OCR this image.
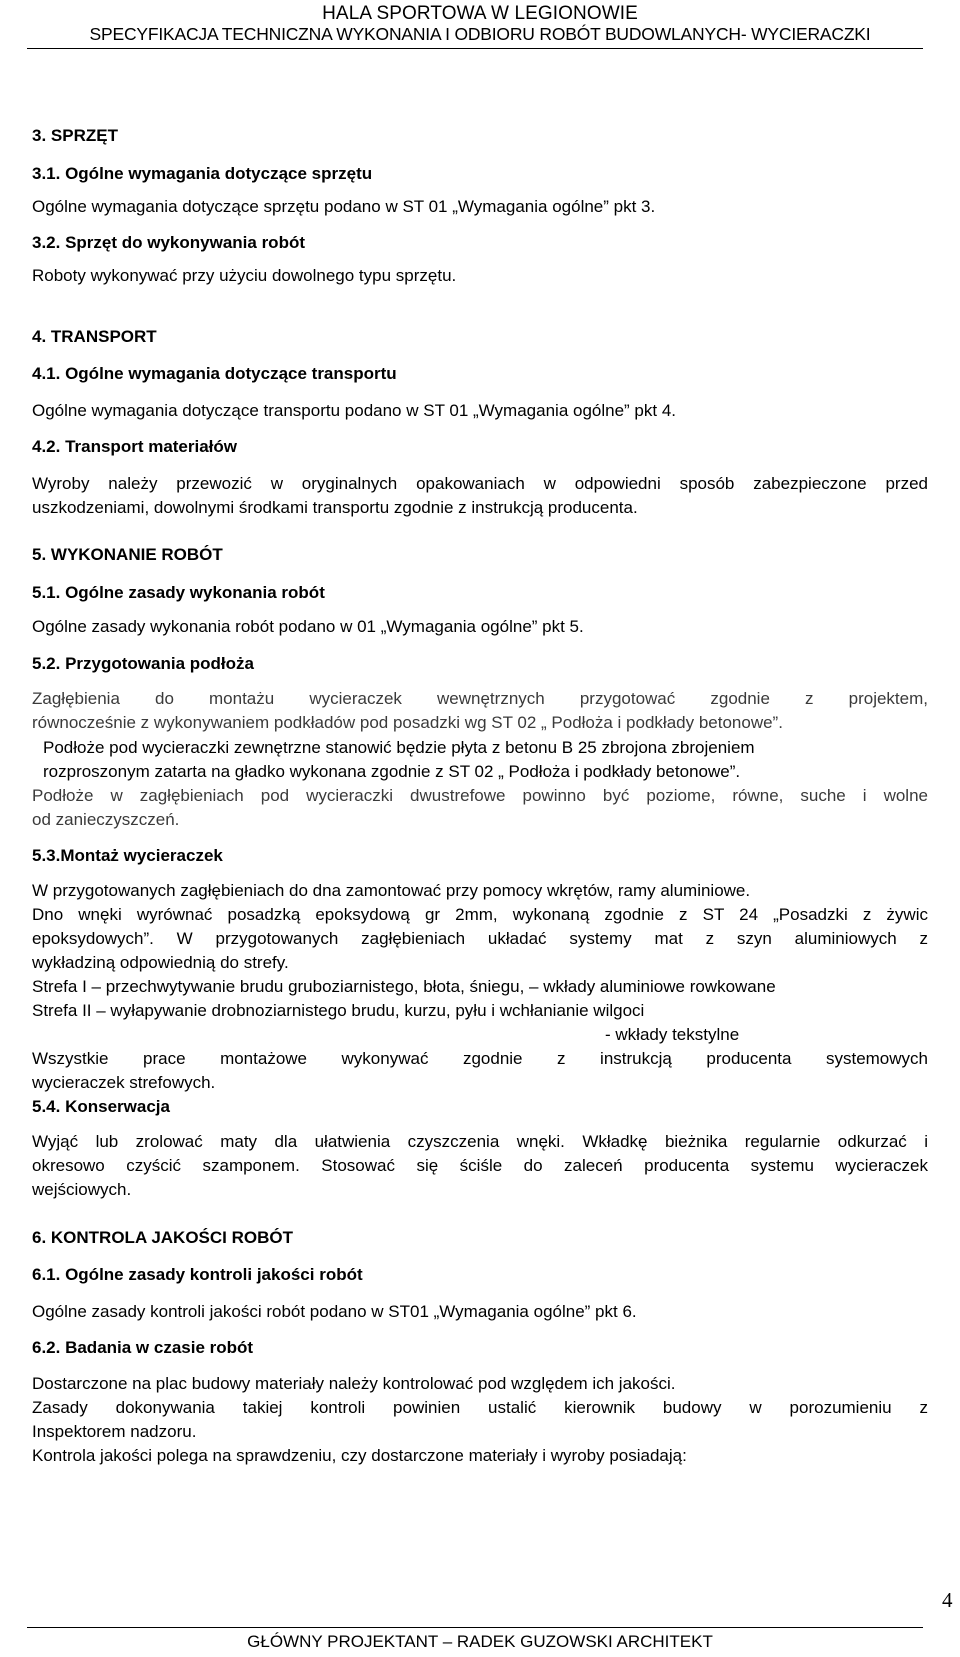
HALA SPORTOWA W LEGIONOWIE
SPECYFIKACJA TECHNICZNA WYKONANIA I ODBIORU ROBÓT BUDOWLANYCH- WYCIERACZKI
3. SPRZĘT
3.1. Ogólne wymagania dotyczące sprzętu
Ogólne wymagania dotyczące sprzętu podano w ST 01 „Wymagania ogólne” pkt 3.
3.2. Sprzęt do wykonywania robót
Roboty wykonywać przy użyciu dowolnego typu sprzętu.
4. TRANSPORT
4.1. Ogólne wymagania dotyczące transportu
Ogólne wymagania dotyczące transportu podano w ST 01 „Wymagania ogólne” pkt 4.
4.2. Transport materiałów
Wyroby należy przewozić w oryginalnych opakowaniach w odpowiedni sposób zabezpieczone przed
uszkodzeniami, dowolnymi środkami transportu zgodnie z instrukcją producenta.
5. WYKONANIE ROBÓT
5.1. Ogólne zasady wykonania robót
Ogólne zasady wykonania robót podano w 01 „Wymagania ogólne” pkt 5.
5.2. Przygotowania podłoża
Zagłębienia do montażu wycieraczek wewnętrznych przygotować zgodnie z projektem,
równocześnie z wykonywaniem podkładów pod posadzki wg ST 02 „ Podłoża i podkłady betonowe”.
Podłoże pod wycieraczki zewnętrzne stanowić będzie płyta z betonu B 25 zbrojona zbrojeniem
rozproszonym zatarta na gładko wykonana zgodnie z ST 02 „ Podłoża i podkłady betonowe”.
Podłoże w zagłębieniach pod wycieraczki dwustrefowe powinno być poziome, równe, suche i wolne
od zanieczyszczeń.
5.3.Montaż wycieraczek
W przygotowanych zagłębieniach do dna zamontować przy pomocy wkrętów, ramy aluminiowe.
Dno wnęki wyrównać posadzką epoksydową gr 2mm, wykonaną zgodnie z ST 24 „Posadzki z żywic
epoksydowych”. W przygotowanych zagłębieniach układać systemy mat z szyn aluminiowych z
wykładziną odpowiednią do strefy.
Strefa I – przechwytywanie brudu gruboziarnistego, błota, śniegu, – wkłady aluminiowe rowkowane
Strefa II – wyłapywanie drobnoziarnistego brudu, kurzu, pyłu i wchłanianie wilgoci
- wkłady tekstylne
Wszystkie prace montażowe wykonywać zgodnie z instrukcją producenta systemowych
wycieraczek strefowych.
5.4. Konserwacja
Wyjąć lub zrolować maty dla ułatwienia czyszczenia wnęki. Wkładkę bieżnika regularnie odkurzać i
okresowo czyścić szamponem. Stosować się ściśle do zaleceń producenta systemu wycieraczek
wejściowych.
6. KONTROLA JAKOŚCI ROBÓT
6.1. Ogólne zasady kontroli jakości robót
Ogólne zasady kontroli jakości robót podano w ST01 „Wymagania ogólne” pkt 6.
6.2. Badania w czasie robót
Dostarczone na plac budowy materiały należy kontrolować pod względem ich jakości.
Zasady dokonywania takiej kontroli powinien ustalić kierownik budowy w porozumieniu z
Inspektorem nadzoru.
Kontrola jakości polega na sprawdzeniu, czy dostarczone materiały i wyroby posiadają:
4
GŁÓWNY PROJEKTANT – RADEK GUZOWSKI ARCHITEKT
